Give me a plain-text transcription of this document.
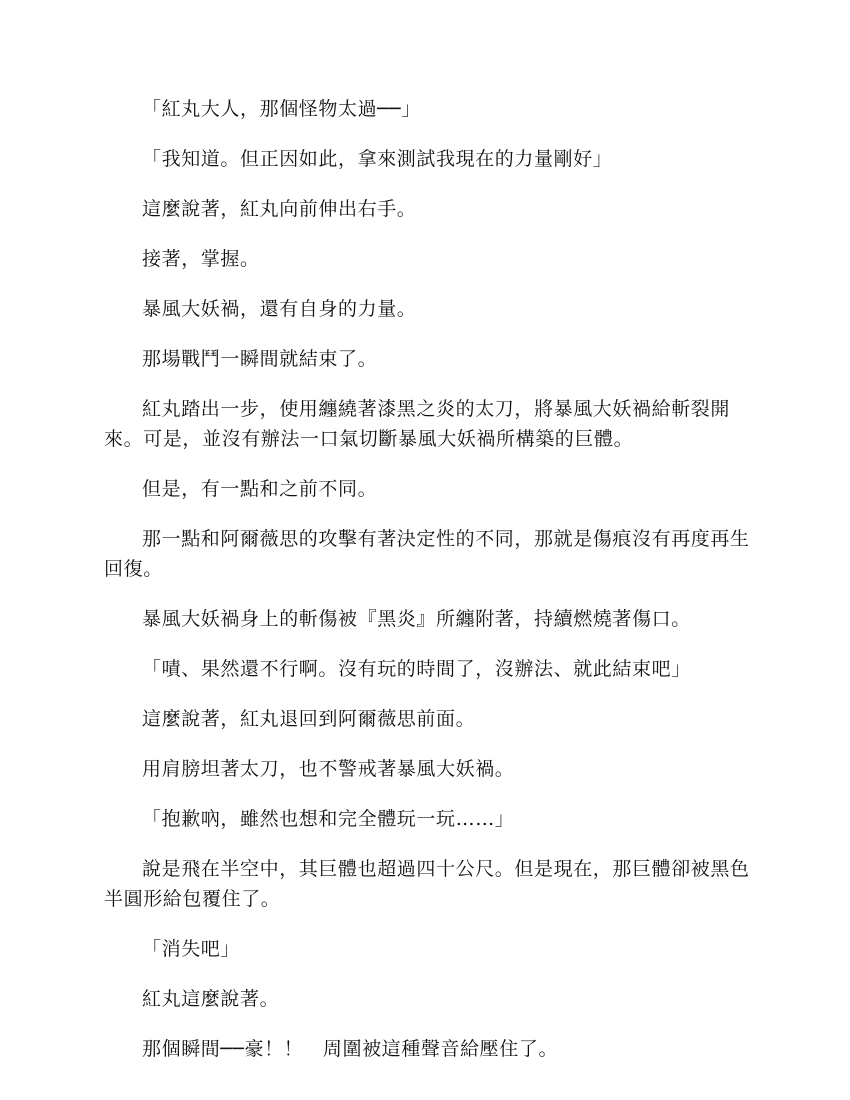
「紅丸大人，那個怪物太過──」

「我知道。但正因如此，拿來測試我現在的力量剛好」

這麼說著，紅丸向前伸出右手。

接著，掌握。

暴風大妖禍，還有自身的力量。

那場戰鬥一瞬間就結束了。

紅丸踏出一步，使用纏繞著漆黑之炎的太刀，將暴風大妖禍給斬裂開來。可是，並沒有辦法一口氣切斷暴風大妖禍所構築的巨體。

但是，有一點和之前不同。

那一點和阿爾薇思的攻擊有著決定性的不同，那就是傷痕沒有再度再生回復。

暴風大妖禍身上的斬傷被『黑炎』所纏附著，持續燃燒著傷口。

「嘖、果然還不行啊。沒有玩的時間了，沒辦法、就此結束吧」

這麼說著，紅丸退回到阿爾薇思前面。

用肩膀坦著太刀，也不警戒著暴風大妖禍。

「抱歉吶，雖然也想和完全體玩一玩……」

說是飛在半空中，其巨體也超過四十公尺。但是現在，那巨體卻被黑色半圓形給包覆住了。

「消失吧」

紅丸這麼說著。

那個瞬間──豪！！　周圍被這種聲音給壓住了。
